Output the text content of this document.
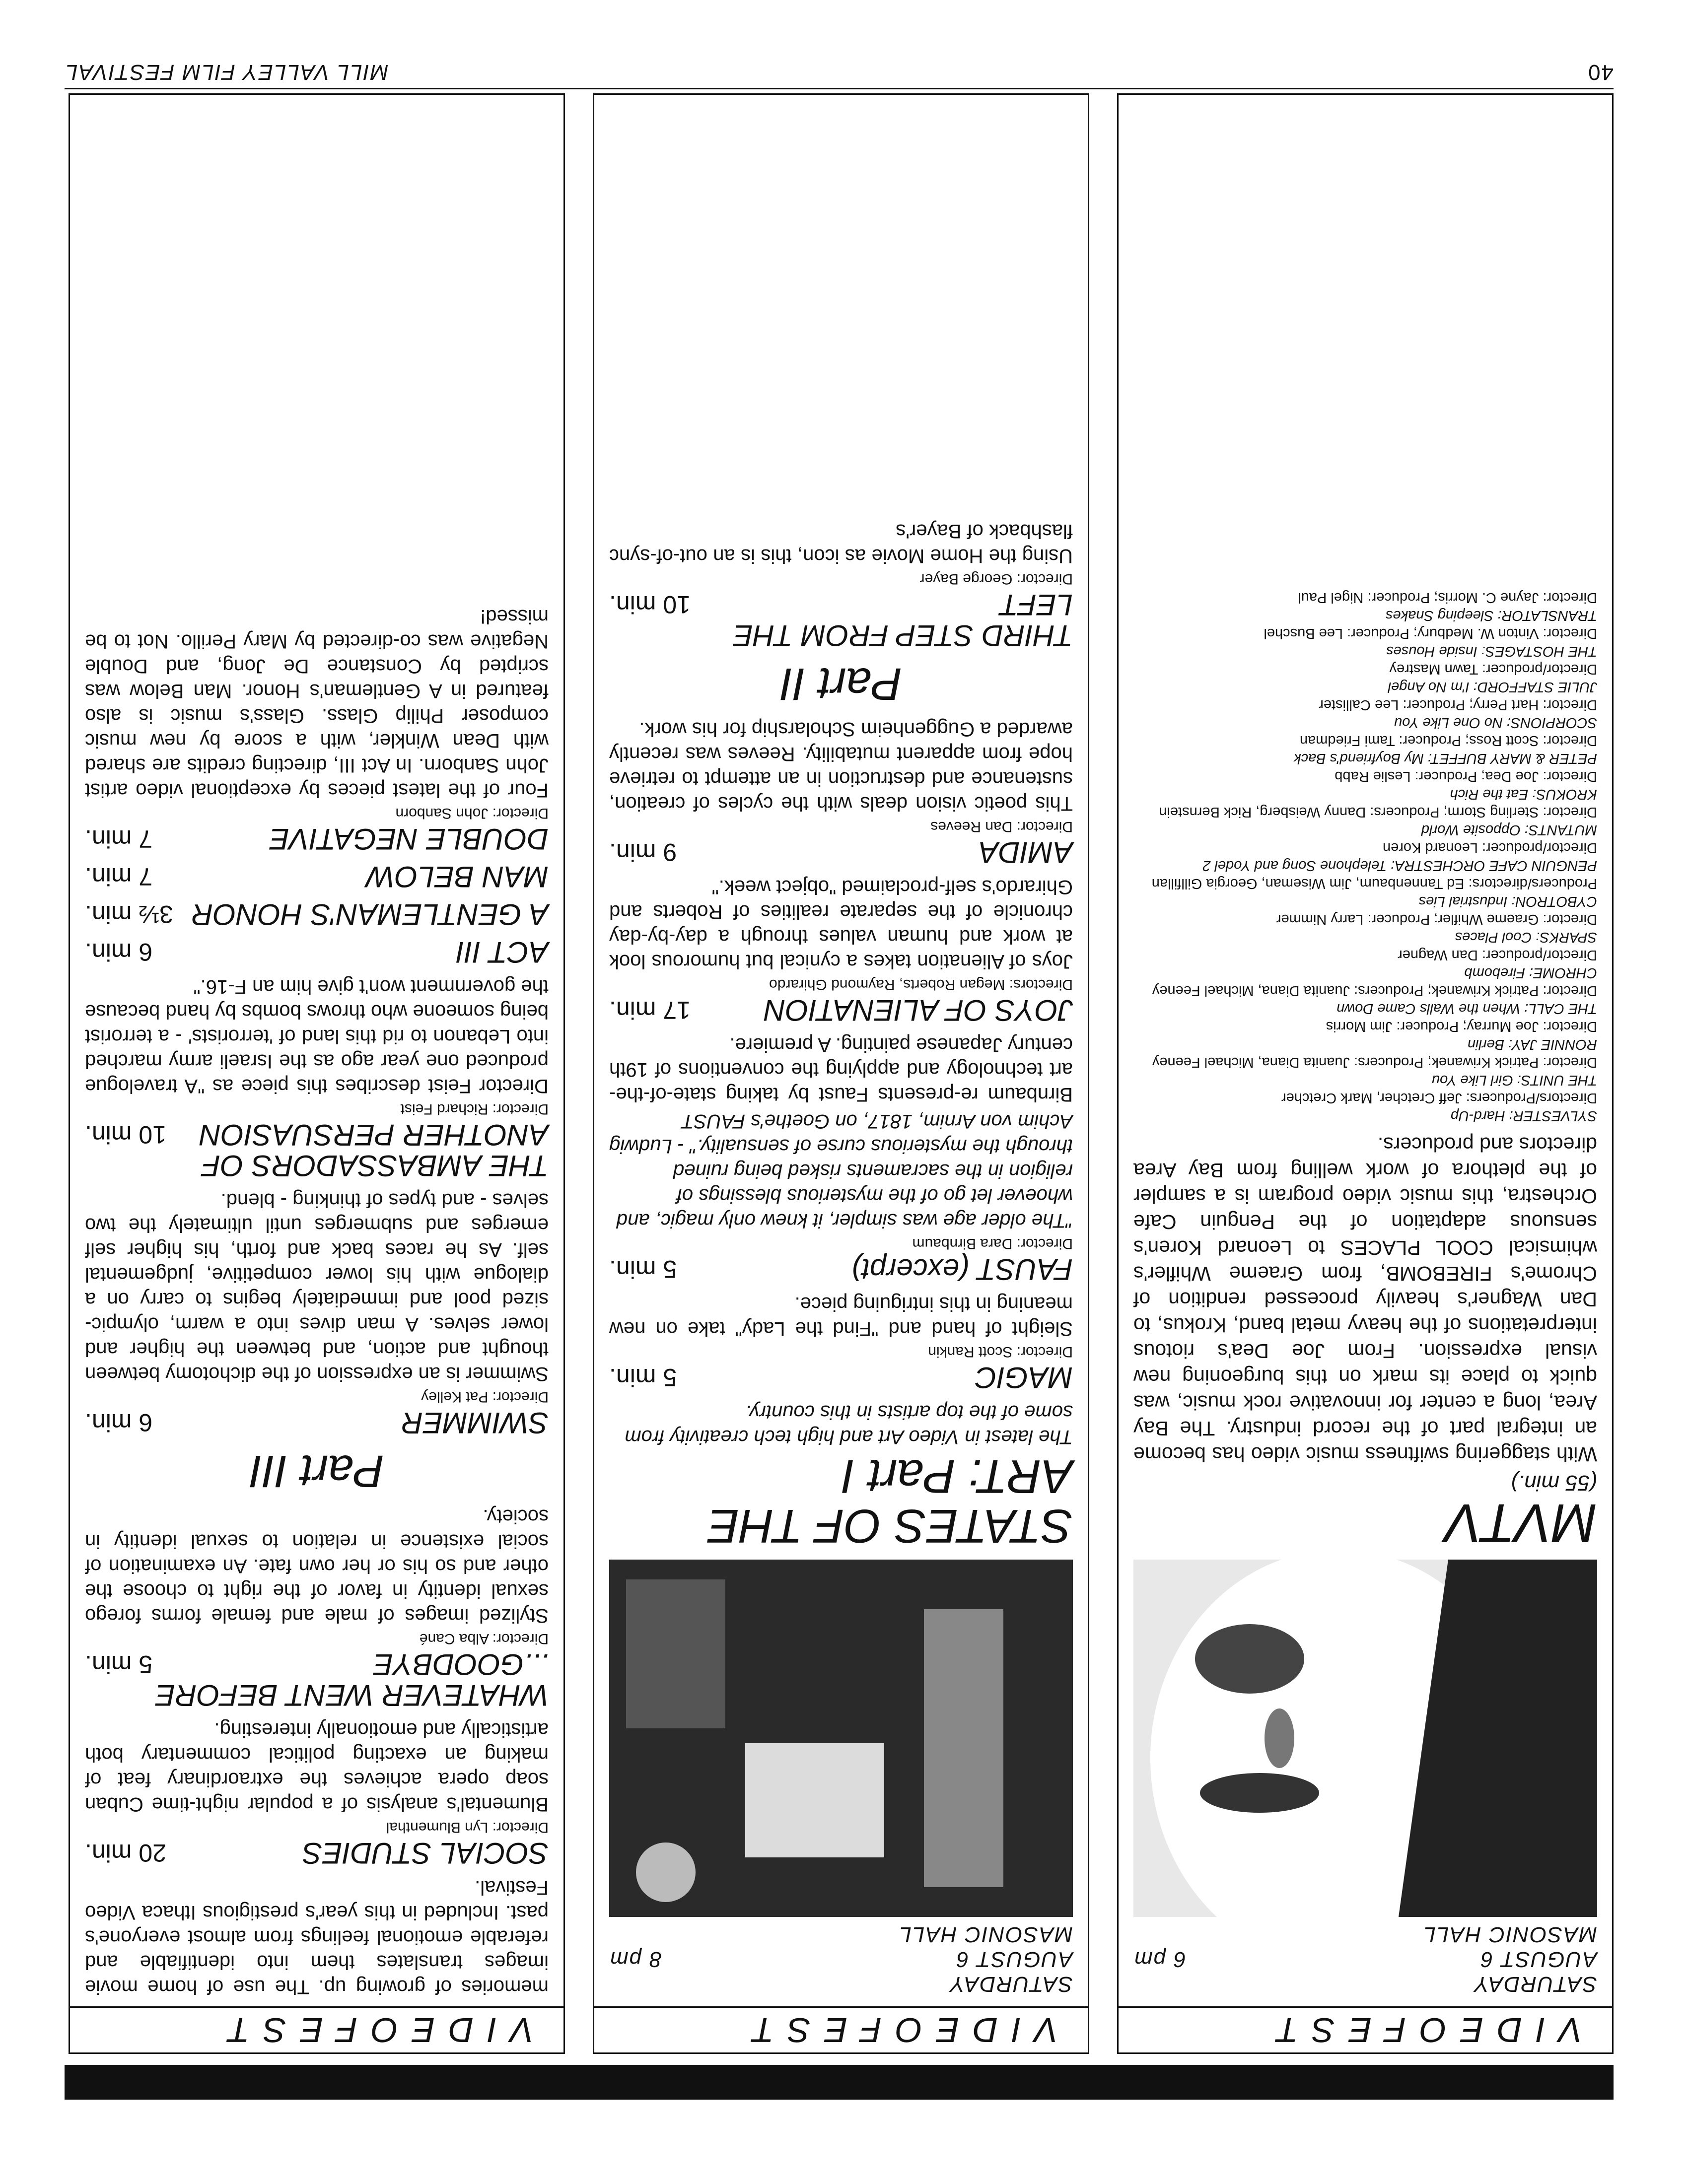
V I D E O F E S T
SATURDAY
AUGUST 6
6 pm
MASONIC HALL
MVTV
(55 min.)
With staggering swiftness music video has become an integral part of the record industry. The Bay Area, long a center for innovative rock music, was quick to place its mark on this burgeoning new visual expression. From Joe Dea's riotous interpretations of the heavy metal band, Krokus, to Dan Wagner's heavily processed rendition of Chrome's FIREBOMB, from Graeme Whifler's whimsical COOL PLACES to Leonard Koren's sensuous adaptation of the Penguin Cafe Orchestra, this music video program is a sampler of the plethora of work welling from Bay Area directors and producers.

SYLVESTER: Hard-Up

Directors/Producers: Jeff Cretcher, Mark Cretcher

THE UNITS: Girl Like You

Director: Patrick Kriwanek; Producers: Juanita Diana, Michael Feeney

RONNIE JAY: Berlin

Director: Joe Murray; Producer: Jim Morris

THE CALL: When the Walls Came Down

Director: Patrick Kriwanek; Producers: Juanita Diana, Michael Feeney

CHROME: Firebomb

Director/producer: Dan Wagner

SPARKS: Cool Places

Director: Graeme Whifler; Producer: Larry Nimmer

CYBOTRON: Industrial Lies

Producers/directors: Ed Tannenbaum, Jim Wiseman, Georgia Gillfillan

PENGUIN CAFE ORCHESTRA: Telephone Song and Yodel 2

Director/producer: Leonard Koren

MUTANTS: Opposite World

Director: Sterling Storm; Producers: Danny Weisberg, Rick Bernstein

KROKUS: Eat the Rich

Director: Joe Dea; Producer: Leslie Rabb

PETER & MARY BUFFET: My Boyfriend's Back

Director: Scott Ross; Producer: Tami Friedman

SCORPIONS: No One Like You

Director: Hart Perry; Producer: Lee Callister

JULIE STAFFORD: I'm No Angel

Director/producer: Tawn Mastrey

THE HOSTAGES: Inside Houses

Director: Vinton W. Medbury; Producer: Lee Buschel

TRANSLATOR: Sleeping Snakes

Director: Jayne C. Morris; Producer: Nigel Paul

V I D E O F E S T
SATURDAY
AUGUST 6
8 pm
MASONIC HALL
STATES OF THE ART: Part I
The latest in Video Art and high tech creativity from some of the top artists in this country.
MAGIC
5 min.
Director: Scott Rankin
Sleight of hand and "Find the Lady" take on new meaning in this intriguing piece.
FAUST (excerpt)
5 min.
Director: Dara Birnbaum
"The older age was simpler, it knew only magic, and whoever let go of the mysterious blessings of religion in the sacraments risked being ruined through the mysterious curse of sensuality." - Ludwig Achim von Arnim, 1817, on Goethe's FAUST
Birnbaum re-presents Faust by taking state-of-the-art technology and applying the conventions of 19th century Japanese painting. A premiere.
JOYS OF ALIENATION
17 min.
Directors: Megan Roberts, Raymond Ghirardo
Joys of Alienation takes a cynical but humorous look at work and human values through a day-by-day chronicle of the separate realities of Roberts and Ghirardo's self-proclaimed "object week."
AMIDA
9 min.
Director: Dan Reeves
This poetic vision deals with the cycles of creation, sustenance and destruction in an attempt to retrieve hope from apparent mutability. Reeves was recently awarded a Guggenheim Scholarship for his work.
Part II
THIRD STEP FROM THE LEFT
10 min.
Director: George Bayer
Using the Home Movie as icon, this is an out-of-sync flashback of Bayer's
V I D E O F E S T
memories of growing up. The use of home movie images translates them into identifiable and referable emotional feelings from almost everyone's past. Included in this year's prestigious Ithaca Video Festival.
SOCIAL STUDIES
20 min.
Director: Lyn Blumenthal
Blumental's analysis of a popular night-time Cuban soap opera achieves the extraordinary feat of making an exacting political commentary both artistically and emotionally interesting.
WHATEVER WENT BEFORE ...GOODBYE
5 min.
Director: Alba Cané
Stylized images of male and female forms forego sexual identity in favor of the right to choose the other and so his or her own fate. An examination of social existence in relation to sexual identity in society.
Part III
SWIMMER
6 min.
Director: Pat Kelley
Swimmer is an expression of the dichotomy between thought and action, and between the higher and lower selves. A man dives into a warm, olympic-sized pool and immediately begins to carry on a dialogue with his lower competitive, judgemental self. As he races back and forth, his higher self emerges and submerges until ultimately the two selves - and types of thinking - blend.
THE AMBASSADORS OF ANOTHER PERSUASION
10 min.
Director: Richard Feist
Director Feist describes this piece as "A travelogue produced one year ago as the Israeli army marched into Lebanon to rid this land of 'terrorists' - a terrorist being someone who throws bombs by hand because the government won't give him an F-16."
ACT III
6 min.
A GENTLEMAN'S HONOR
3½ min.
MAN BELOW
7 min.
DOUBLE NEGATIVE
7 min.
Director: John Sanborn
Four of the latest pieces by exceptional video artist John Sanborn. In Act III, directing credits are shared with Dean Winkler, with a score by new music composer Philip Glass. Glass's music is also featured in A Gentleman's Honor. Man Below was scripted by Constance De Jong, and Double Negative was co-directed by Mary Perillo. Not to be missed!
40
MILL VALLEY FILM FESTIVAL
